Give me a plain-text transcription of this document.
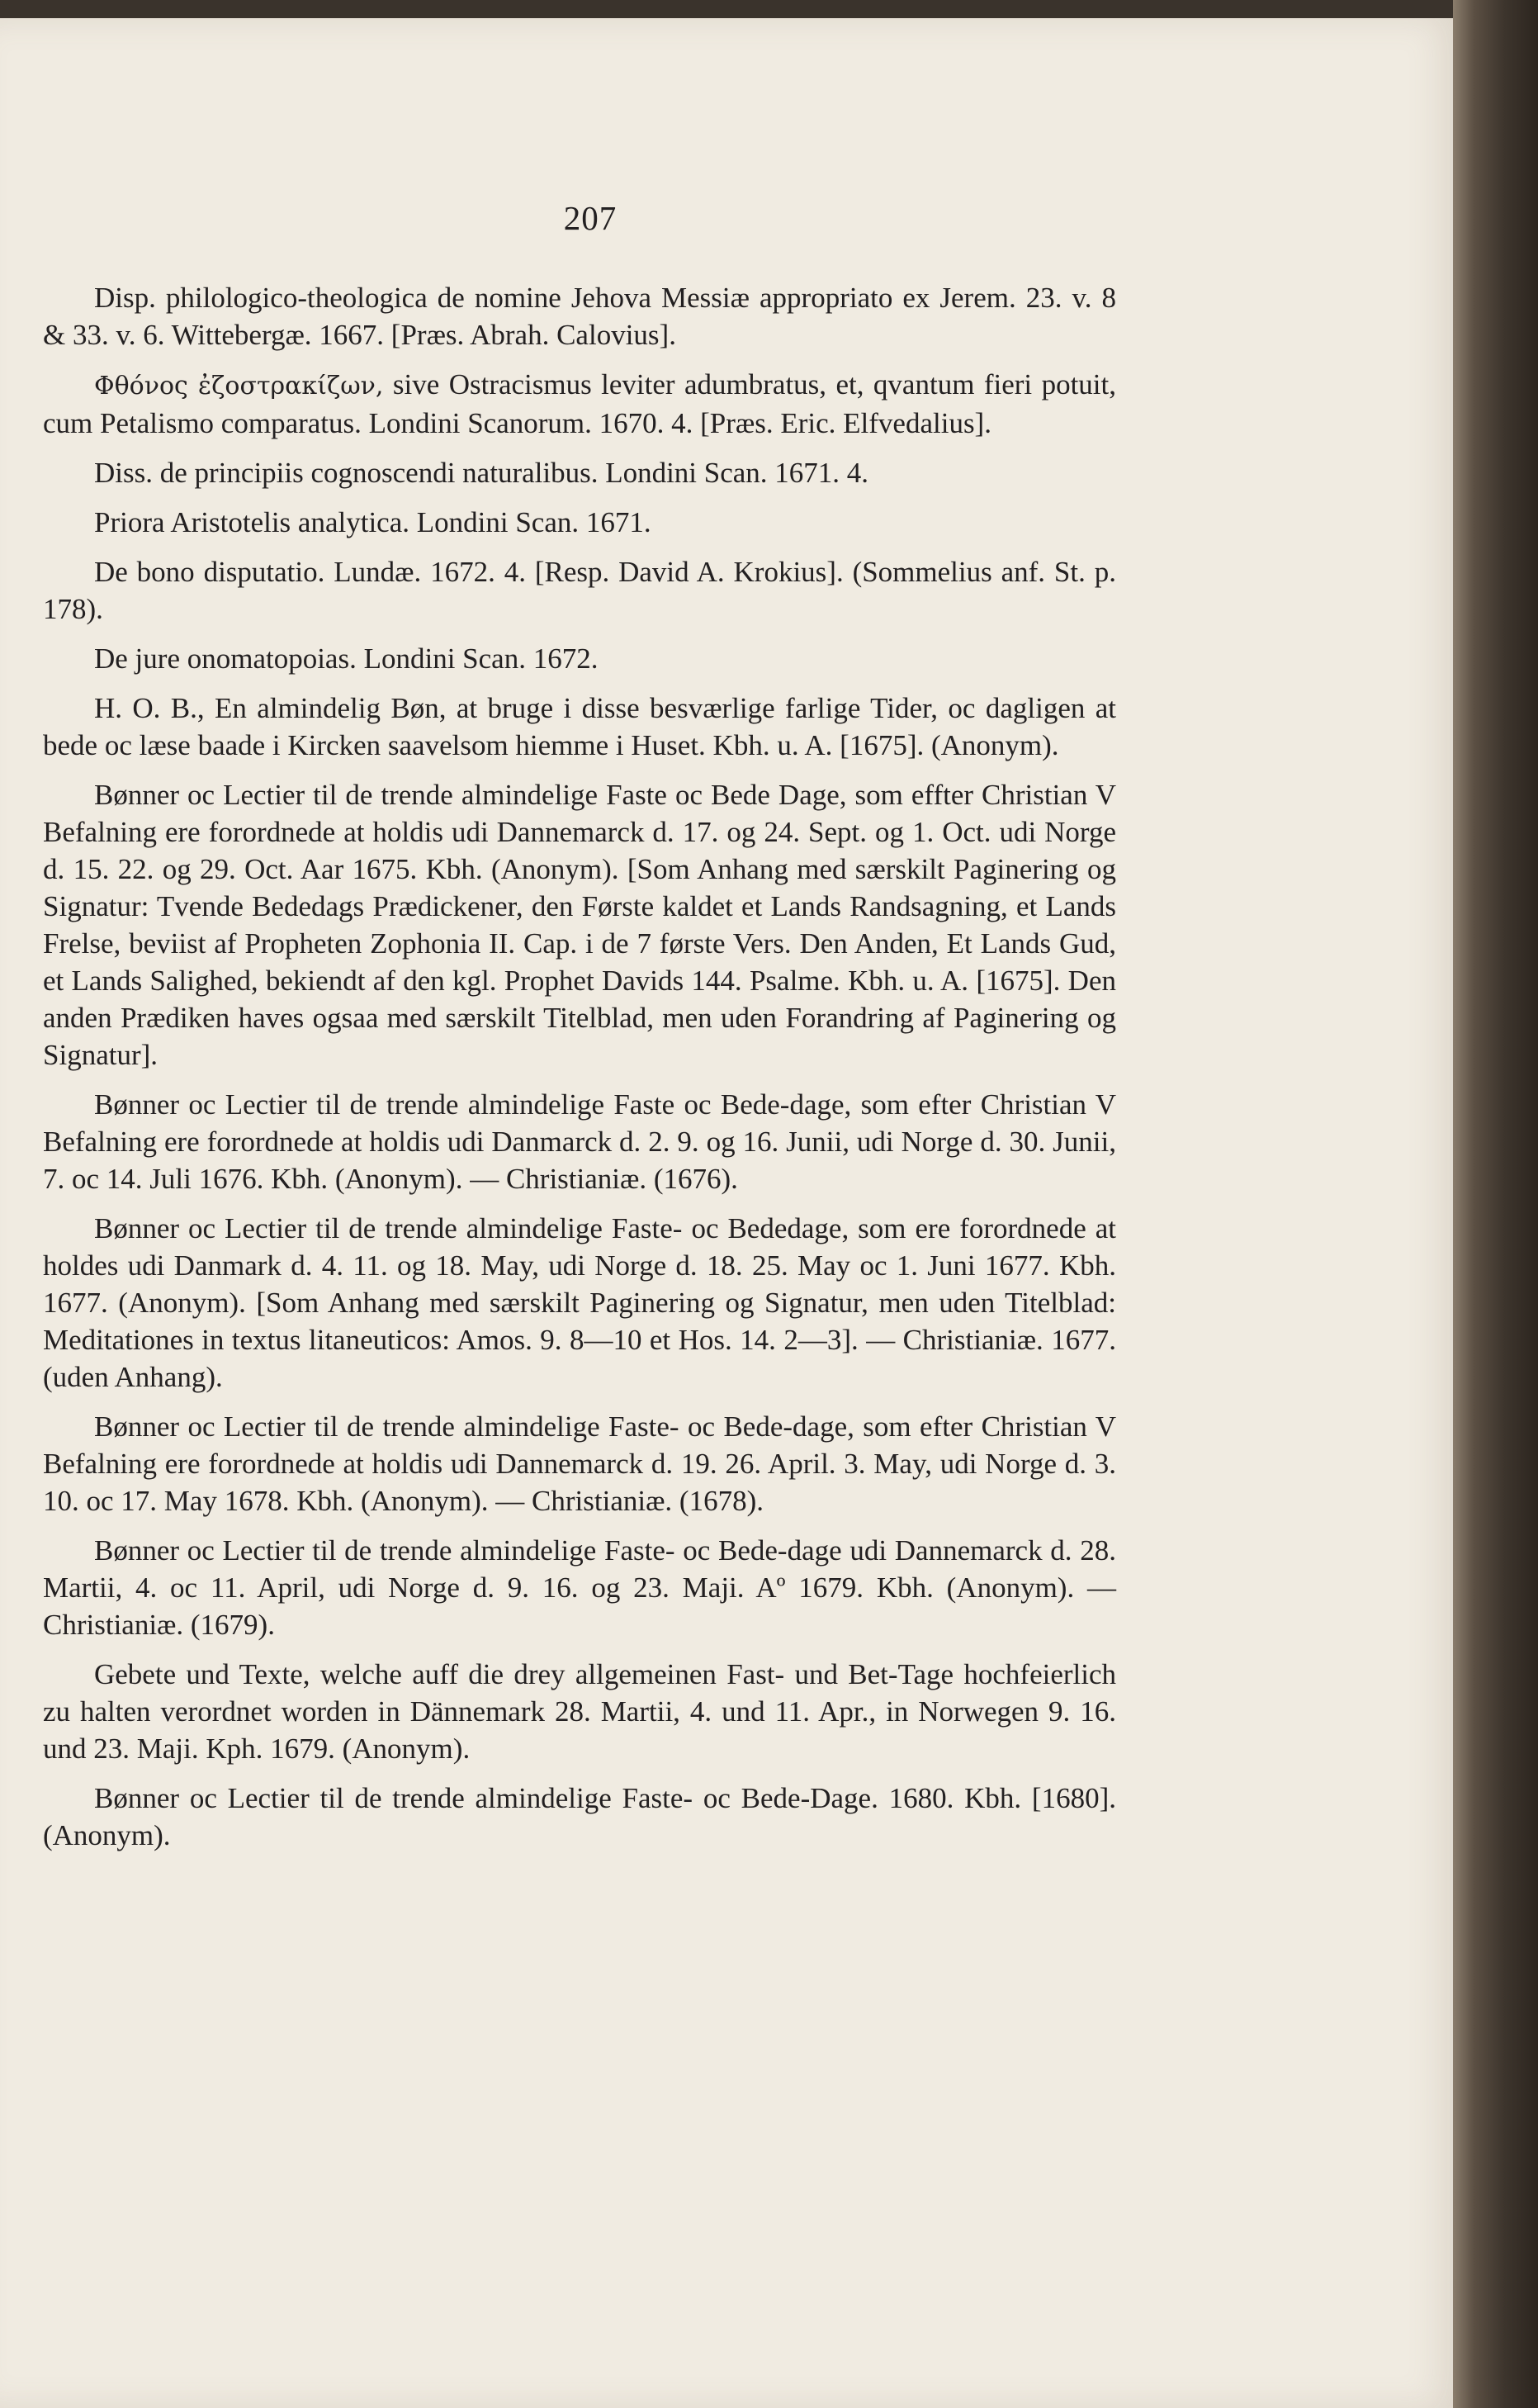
207

Disp. philologico-theologica de nomine Jehova Messiæ appropriato ex Jerem. 23. v. 8 & 33. v. 6. Wittebergæ. 1667. [Præs. Abrah. Calovius].

Φθόνος ἐζοστρακίζων, sive Ostracismus leviter adumbratus, et, qvantum fieri potuit, cum Petalismo comparatus. Londini Scanorum. 1670. 4. [Præs. Eric. Elfvedalius].

Diss. de principiis cognoscendi naturalibus. Londini Scan. 1671. 4.

Priora Aristotelis analytica. Londini Scan. 1671.

De bono disputatio. Lundæ. 1672. 4. [Resp. David A. Krokius]. (Sommelius anf. St. p. 178).

De jure onomatopoias. Londini Scan. 1672.

H. O. B., En almindelig Bøn, at bruge i disse besværlige farlige Tider, oc dagligen at bede oc læse baade i Kircken saavelsom hiemme i Huset. Kbh. u. A. [1675]. (Anonym).

Bønner oc Lectier til de trende almindelige Faste oc Bede Dage, som effter Christian V Befalning ere forordnede at holdis udi Dannemarck d. 17. og 24. Sept. og 1. Oct. udi Norge d. 15. 22. og 29. Oct. Aar 1675. Kbh. (Anonym). [Som Anhang med særskilt Paginering og Signatur: Tvende Bededags Prædickener, den Første kaldet et Lands Randsagning, et Lands Frelse, beviist af Propheten Zophonia II. Cap. i de 7 første Vers. Den Anden, Et Lands Gud, et Lands Salighed, bekiendt af den kgl. Prophet Davids 144. Psalme. Kbh. u. A. [1675]. Den anden Prædiken haves ogsaa med særskilt Titelblad, men uden Forandring af Paginering og Signatur].

Bønner oc Lectier til de trende almindelige Faste oc Bede-dage, som efter Christian V Befalning ere forordnede at holdis udi Danmarck d. 2. 9. og 16. Junii, udi Norge d. 30. Junii, 7. oc 14. Juli 1676. Kbh. (Anonym). — Christianiæ. (1676).

Bønner oc Lectier til de trende almindelige Faste- oc Bededage, som ere forordnede at holdes udi Danmark d. 4. 11. og 18. May, udi Norge d. 18. 25. May oc 1. Juni 1677. Kbh. 1677. (Anonym). [Som Anhang med særskilt Paginering og Signatur, men uden Titelblad: Meditationes in textus litaneuticos: Amos. 9. 8—10 et Hos. 14. 2—3]. — Christianiæ. 1677. (uden Anhang).

Bønner oc Lectier til de trende almindelige Faste- oc Bede-dage, som efter Christian V Befalning ere forordnede at holdis udi Dannemarck d. 19. 26. April. 3. May, udi Norge d. 3. 10. oc 17. May 1678. Kbh. (Anonym). — Christianiæ. (1678).

Bønner oc Lectier til de trende almindelige Faste- oc Bede-dage udi Dannemarck d. 28. Martii, 4. oc 11. April, udi Norge d. 9. 16. og 23. Maji. Aº 1679. Kbh. (Anonym). — Christianiæ. (1679).

Gebete und Texte, welche auff die drey allgemeinen Fast- und Bet-Tage hochfeierlich zu halten verordnet worden in Dännemark 28. Martii, 4. und 11. Apr., in Norwegen 9. 16. und 23. Maji. Kph. 1679. (Anonym).

Bønner oc Lectier til de trende almindelige Faste- oc Bede-Dage. 1680. Kbh. [1680]. (Anonym).
